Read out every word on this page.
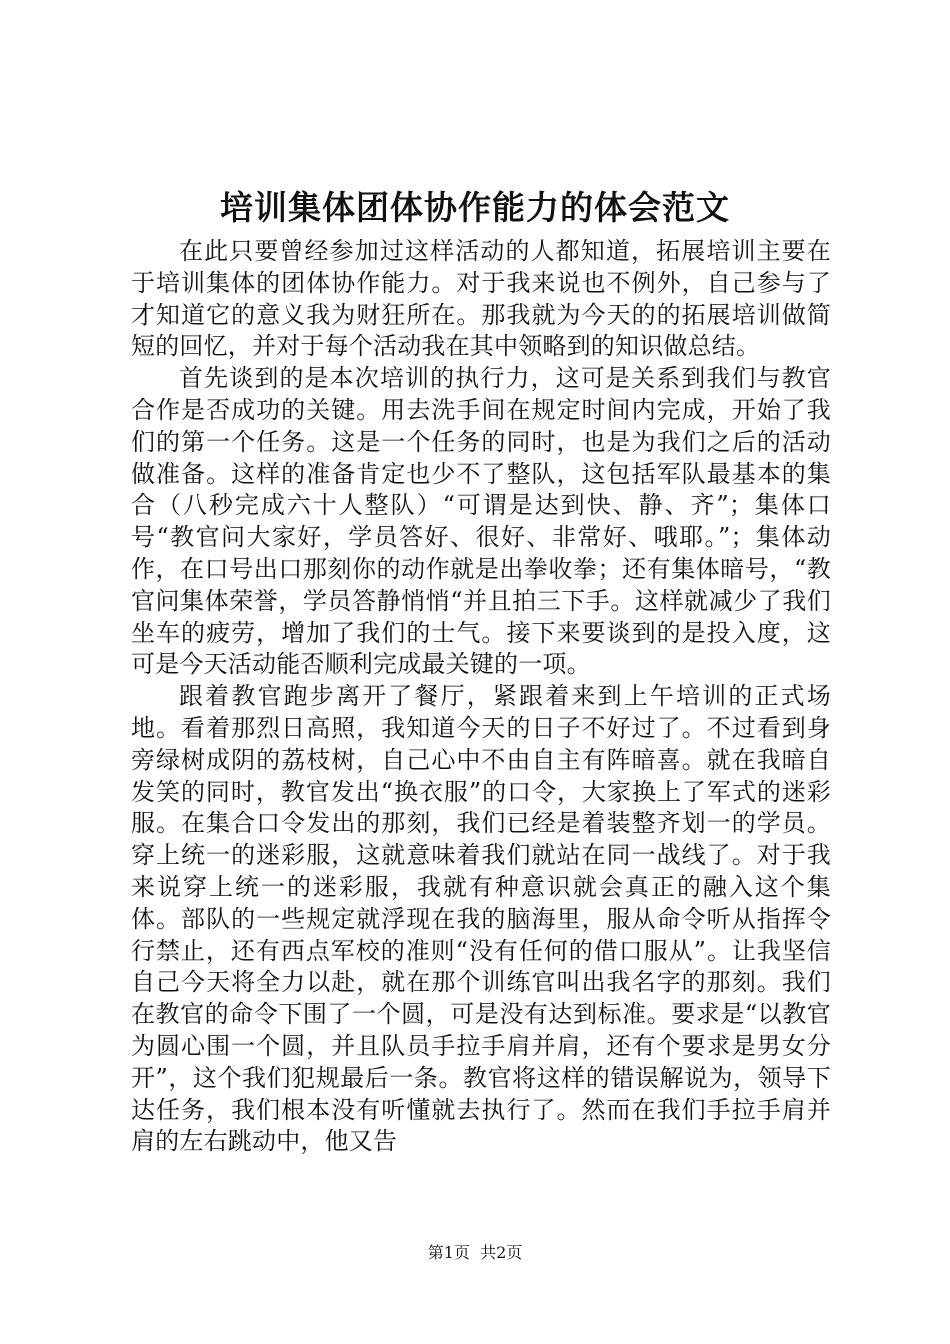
培训集体团体协作能力的体会范文

在此只要曾经参加过这样活动的人都知道，拓展培训主要在于培训集体的团体协作能力。对于我来说也不例外，自己参与了才知道它的意义我为财狂所在。那我就为今天的的拓展培训做简短的回忆，并对于每个活动我在其中领略到的知识做总结。

首先谈到的是本次培训的执行力，这可是关系到我们与教官合作是否成功的关键。用去洗手间在规定时间内完成，开始了我们的第一个任务。这是一个任务的同时，也是为我们之后的活动做准备。这样的准备肯定也少不了整队，这包括军队最基本的集合（八秒完成六十人整队）“可谓是达到快、静、齐”；集体口号“教官问大家好，学员答好、很好、非常好、哦耶。”；集体动作，在口号出口那刻你的动作就是出拳收拳；还有集体暗号，“教官问集体荣誉，学员答静悄悄“并且拍三下手。这样就减少了我们坐车的疲劳，增加了我们的士气。接下来要谈到的是投入度，这可是今天活动能否顺利完成最关键的一项。

跟着教官跑步离开了餐厅，紧跟着来到上午培训的正式场地。看着那烈日高照，我知道今天的日子不好过了。不过看到身旁绿树成阴的荔枝树，自己心中不由自主有阵暗喜。就在我暗自发笑的同时，教官发出“换衣服”的口令，大家换上了军式的迷彩服。在集合口令发出的那刻，我们已经是着装整齐划一的学员。穿上统一的迷彩服，这就意味着我们就站在同一战线了。对于我来说穿上统一的迷彩服，我就有种意识就会真正的融入这个集体。部队的一些规定就浮现在我的脑海里，服从命令听从指挥令行禁止，还有西点军校的准则“没有任何的借口服从”。让我坚信自己今天将全力以赴，就在那个训练官叫出我名字的那刻。我们在教官的命令下围了一个圆，可是没有达到标准。要求是“以教官为圆心围一个圆，并且队员手拉手肩并肩，还有个要求是男女分开”，这个我们犯规最后一条。教官将这样的错误解说为，领导下达任务，我们根本没有听懂就去执行了。然而在我们手拉手肩并肩的左右跳动中，他又告

第1页 共2页
